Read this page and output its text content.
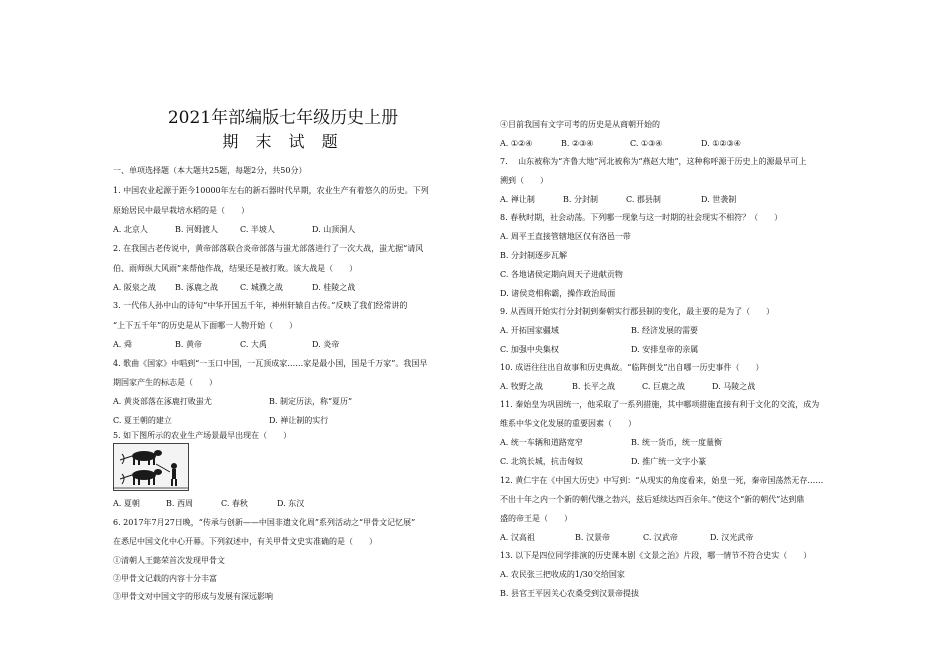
2021年部编版七年级历史上册
期 末 试 题
一、单项选择题（本大题共25题，每题2分，共50分）
1. 中国农业起源于距今10000年左右的新石器时代早期，农业生产有着悠久的历史。下列
原始居民中最早栽培水稻的是（　　）
A. 北京人	B. 河姆渡人	C. 半坡人	D. 山顶洞人
2. 在我国古老传说中，黄帝部落联合炎帝部落与蚩尤部落进行了一次大战，蚩尤据“请风
伯、雨师纵大风雨”来帮他作战，结果还是被打败。该大战是（　　）
A. 阪泉之战 B. 涿鹿之战	C. 城濮之战	D. 桂陵之战
3. 一代伟人孙中山的诗句“中华开国五千年，神州轩辕自古传。”反映了我们经常讲的
“上下五千年”的历史是从下面哪一人物开始（　　）
A. 舜	B. 黄帝	C. 大禹	D. 炎帝
4. 歌曲《国家》中唱到“一玉口中国，一瓦顶成家……家是最小国，国是千万家”。我国早
期国家产生的标志是（　　）
A. 黄炎部落在涿鹿打败蚩尤	B. 制定历法，称“夏历”
C. 夏王朝的建立	D. 禅让制的实行
5. 如下图所示的农业生产场景最早出现在（　　）
A. 夏朝	B. 西周	C. 春秋	D. 东汉
6. 2017年7月27日晚，“传承与创新——中国非遗文化周”系列活动之“甲骨文记忆展”
在悉尼中国文化中心开幕。下列叙述中，有关甲骨文史实准确的是（　　）
①清朝人王懿荣首次发现甲骨文
②甲骨文记载的内容十分丰富
③甲骨文对中国文字的形成与发展有深远影响
④目前我国有文字可考的历史是从商朝开始的
A. ①②④	B. ②③④	C. ①③④	D. ①②③④
7. 　山东被称为“齐鲁大地”河北被称为“燕赵大地”，这种称呼源于历史上的源最早可上
溯到（　　）
A. 禅让制	B. 分封制	C. 郡县制	D. 世袭制
8. 春秋时期，社会动荡。下列哪一现象与这一时期的社会现实不相符？（　　）
A. 周平王直接管辖地区仅有洛邑一带
B. 分封制逐步瓦解
C. 各地诸侯定期向周天子进献贡物
D. 诸侯竞相称霸，操作政治局面
9. 从西周开始实行分封制到秦朝实行郡县制的变化，最主要的是为了（　　）
A. 开拓国家疆域	B. 经济发展的需要
C. 加强中央集权	D. 安排皇帝的亲属
10. 成语往往出自故事和历史典故。“临阵倒戈”出自哪一历史事件（　　）
A. 牧野之战	B. 长平之战	C. 巨鹿之战	D. 马陵之战
11. 秦始皇为巩固统一，他采取了一系列措施，其中哪项措施直接有利于文化的交流，成为
维系中华文化发展的重要因素（　　）
A. 统一车辆和道路宽窄	B. 统一货币，统一度量衡
C. 北筑长城，抗击匈奴	D. 推广统一文字小篆
12. 黄仁宇在《中国大历史》中写到：“从现实的角度看来，始皇一死，秦帝国荡然无存……
不出十年之内一个新的朝代继之勃兴，兹后延续达四百余年。”使这个“新的朝代”达到鼎
盛的帝王是（　　）
A. 汉高祖	B. 汉景帝	C. 汉武帝	D. 汉光武帝
13. 以下是四位同学排演的历史课本剧《文景之治》片段，哪一情节不符合史实（　　）
A. 农民张三把收成的1/30交给国家
B. 县官王平因关心农桑受到汉景帝提拔
